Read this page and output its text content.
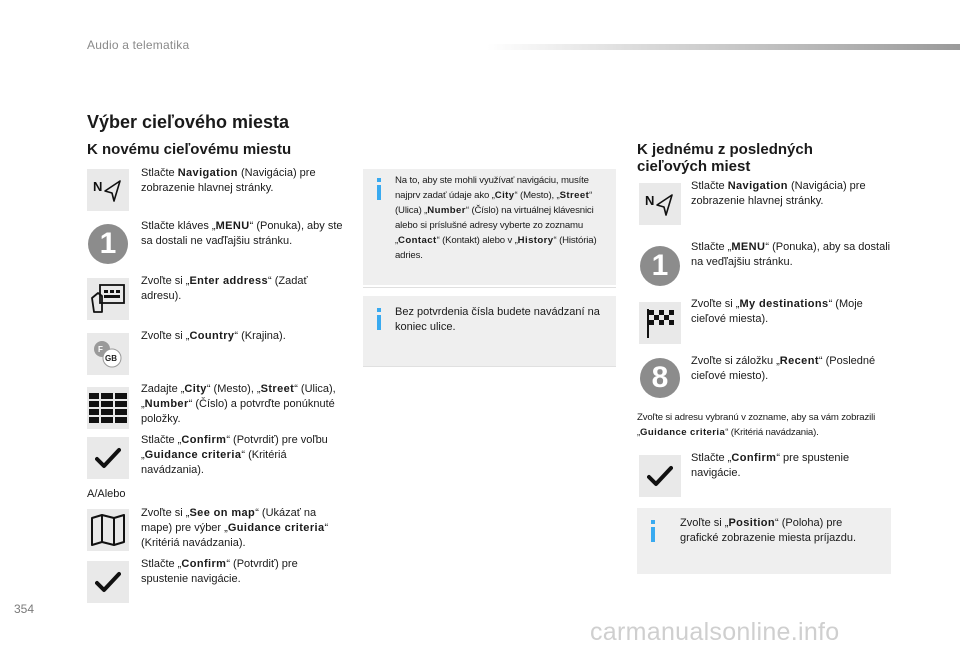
Audio a telematika
Výber cieľového miesta
K novému cieľovému miestu
N
Stlačte Navigation (Navigácia) pre zobrazenie hlavnej stránky.
1
Stlačte kláves „MENU“ (Ponuka), aby ste sa dostali ne vaďľajšiu stránku.
Zvoľte si „Enter address“ (Zadať adresu).
F
GB
Zvoľte si „Country“ (Krajina).
Zadajte „City“ (Mesto), „Street“ (Ulica), „Number“ (Číslo) a potvrďte ponúknuté položky.
Stlačte „Confirm“ (Potvrdiť) pre voľbu „Guidance criteria“ (Kritériá navádzania).
A/Alebo
Zvoľte si „See on map“ (Ukázať na mape) pre výber „Guidance criteria“ (Kritériá navádzania).
Stlačte „Confirm“ (Potvrdiť) pre spustenie navigácie.
Na to, aby ste mohli využívať navigáciu, musíte najprv zadať údaje ako „City“ (Mesto), „Street“ (Ulica) „Number“ (Číslo) na virtuálnej klávesnici alebo si príslušné adresy vyberte zo zoznamu „Contact“ (Kontakt) alebo v „History“ (História) adries.
Bez potvrdenia čísla budete navádzaní na koniec ulice.
K jednému z posledných
cieľových miest
N
Stlačte Navigation (Navigácia) pre zobrazenie hlavnej stránky.
1
Stlačte „MENU“ (Ponuka), aby sa dostali na veďľajšiu stránku.
Zvoľte si „My destinations“ (Moje cieľové miesta).
8	Zvoľte si záložku „Recent“ (Posledné cieľové miesto).
Zvoľte si adresu vybranú v zozname, aby sa vám zobrazili „Guidance criteria“ (Kritériá navádzania).
Stlačte „Confirm“ pre spustenie navigácie.
Zvoľte si „Position“ (Poloha) pre grafické zobrazenie miesta príjazdu.
354
carmanualsonline.info
